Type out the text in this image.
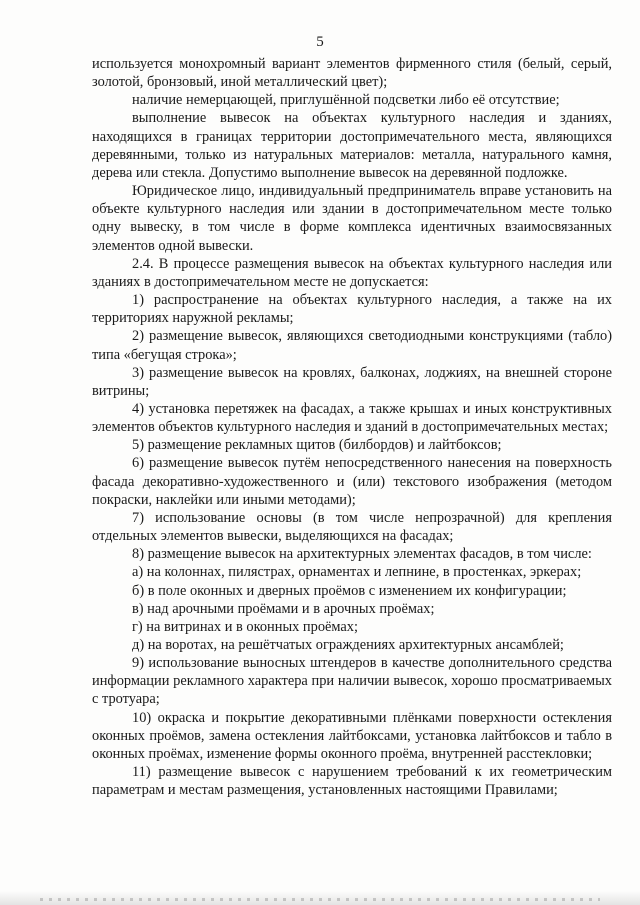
5

используется монохромный вариант элементов фирменного стиля (белый, серый, золотой, бронзовый, иной металлический цвет);

наличие немерцающей, приглушённой подсветки либо её отсутствие;

выполнение вывесок на объектах культурного наследия и зданиях, находящихся в границах территории достопримечательного места, являющихся деревянными, только из натуральных материалов: металла, натурального камня, дерева или стекла. Допустимо выполнение вывесок на деревянной подложке.

Юридическое лицо, индивидуальный предприниматель вправе установить на объекте культурного наследия или здании в достопримечательном месте только одну вывеску, в том числе в форме комплекса идентичных взаимосвязанных элементов одной вывески.

2.4. В процессе размещения вывесок на объектах культурного наследия или зданиях в достопримечательном месте не допускается:

1) распространение на объектах культурного наследия, а также на их территориях наружной рекламы;

2) размещение вывесок, являющихся светодиодными конструкциями (табло) типа «бегущая строка»;

3) размещение вывесок на кровлях, балконах, лоджиях, на внешней стороне витрины;

4) установка перетяжек на фасадах, а также крышах и иных конструктивных элементов объектов культурного наследия и зданий в достопримечательных местах;

5) размещение рекламных щитов (билбордов) и лайтбоксов;

6) размещение вывесок путём непосредственного нанесения на поверхность фасада декоративно-художественного и (или) текстового изображения (методом покраски, наклейки или иными методами);

7) использование основы (в том числе непрозрачной) для крепления отдельных элементов вывески, выделяющихся на фасадах;

8) размещение вывесок на архитектурных элементах фасадов, в том числе:

а) на колоннах, пилястрах, орнаментах и лепнине, в простенках, эркерах;

б) в поле оконных и дверных проёмов с изменением их конфигурации;

в) над арочными проёмами и в арочных проёмах;

г) на витринах и в оконных проёмах;

д) на воротах, на решётчатых ограждениях архитектурных ансамблей;

9) использование выносных штендеров в качестве дополнительного средства информации рекламного характера при наличии вывесок, хорошо просматриваемых с тротуара;

10) окраска и покрытие декоративными плёнками поверхности остекления оконных проёмов, замена остекления лайтбоксами, установка лайтбоксов и табло в оконных проёмах, изменение формы оконного проёма, внутренней расстекловки;

11) размещение вывесок с нарушением требований к их геометрическим параметрам и местам размещения, установленных настоящими Правилами;
